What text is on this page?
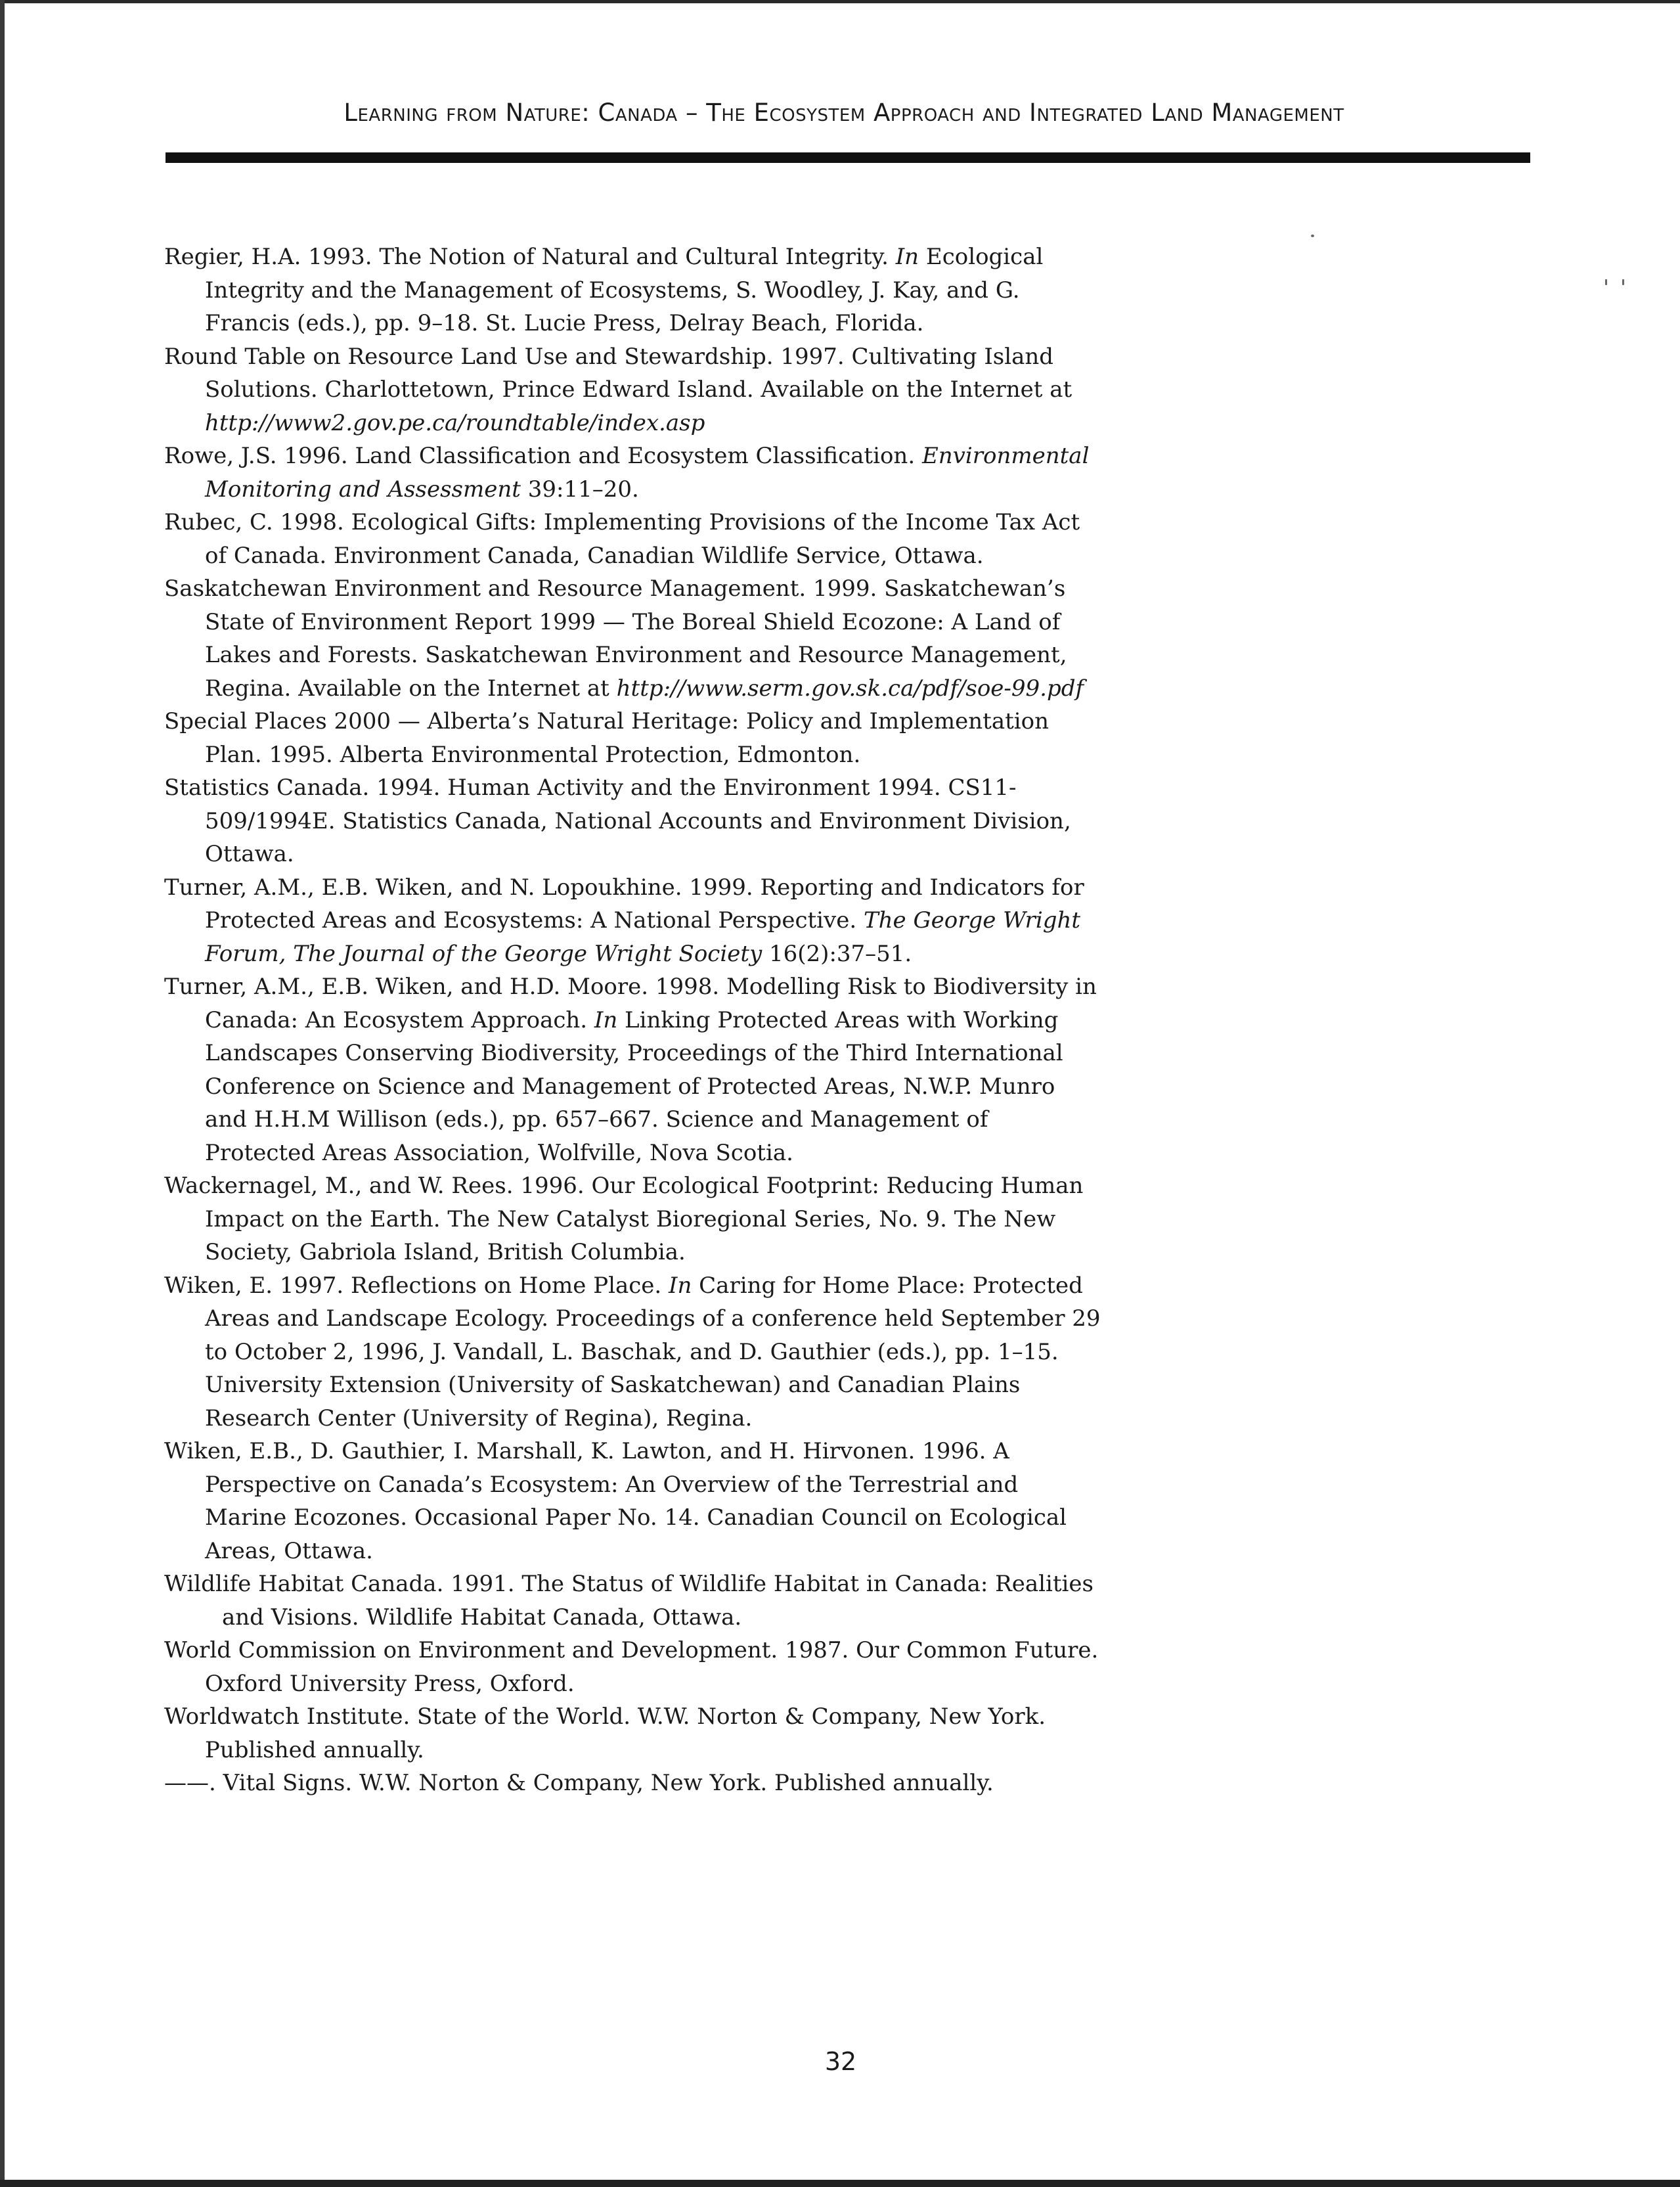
Learning from Nature: Canada – The Ecosystem Approach and Integrated Land Management

Regier, H.A. 1993. The Notion of Natural and Cultural Integrity. In Ecological Integrity and the Management of Ecosystems, S. Woodley, J. Kay, and G. Francis (eds.), pp. 9–18. St. Lucie Press, Delray Beach, Florida.

Round Table on Resource Land Use and Stewardship. 1997. Cultivating Island Solutions. Charlottetown, Prince Edward Island. Available on the Internet at http://www2.gov.pe.ca/roundtable/index.asp

Rowe, J.S. 1996. Land Classification and Ecosystem Classification. Environmental Monitoring and Assessment 39:11–20.

Rubec, C. 1998. Ecological Gifts: Implementing Provisions of the Income Tax Act of Canada. Environment Canada, Canadian Wildlife Service, Ottawa.

Saskatchewan Environment and Resource Management. 1999. Saskatchewan’s State of Environment Report 1999 — The Boreal Shield Ecozone: A Land of Lakes and Forests. Saskatchewan Environment and Resource Management, Regina. Available on the Internet at http://www.serm.gov.sk.ca/pdf/soe-99.pdf

Special Places 2000 — Alberta’s Natural Heritage: Policy and Implementation Plan. 1995. Alberta Environmental Protection, Edmonton.

Statistics Canada. 1994. Human Activity and the Environment 1994. CS11-509/1994E. Statistics Canada, National Accounts and Environment Division, Ottawa.

Turner, A.M., E.B. Wiken, and N. Lopoukhine. 1999. Reporting and Indicators for Protected Areas and Ecosystems: A National Perspective. The George Wright Forum, The Journal of the George Wright Society 16(2):37–51.

Turner, A.M., E.B. Wiken, and H.D. Moore. 1998. Modelling Risk to Biodiversity in Canada: An Ecosystem Approach. In Linking Protected Areas with Working Landscapes Conserving Biodiversity, Proceedings of the Third International Conference on Science and Management of Protected Areas, N.W.P. Munro and H.H.M Willison (eds.), pp. 657–667. Science and Management of Protected Areas Association, Wolfville, Nova Scotia.

Wackernagel, M., and W. Rees. 1996. Our Ecological Footprint: Reducing Human Impact on the Earth. The New Catalyst Bioregional Series, No. 9. The New Society, Gabriola Island, British Columbia.

Wiken, E. 1997. Reflections on Home Place. In Caring for Home Place: Protected Areas and Landscape Ecology. Proceedings of a conference held September 29 to October 2, 1996, J. Vandall, L. Baschak, and D. Gauthier (eds.), pp. 1–15. University Extension (University of Saskatchewan) and Canadian Plains Research Center (University of Regina), Regina.

Wiken, E.B., D. Gauthier, I. Marshall, K. Lawton, and H. Hirvonen. 1996. A Perspective on Canada’s Ecosystem: An Overview of the Terrestrial and Marine Ecozones. Occasional Paper No. 14. Canadian Council on Ecological Areas, Ottawa.

Wildlife Habitat Canada. 1991. The Status of Wildlife Habitat in Canada: Realities and Visions. Wildlife Habitat Canada, Ottawa.

World Commission on Environment and Development. 1987. Our Common Future. Oxford University Press, Oxford.

Worldwatch Institute. State of the World. W.W. Norton & Company, New York. Published annually.

——. Vital Signs. W.W. Norton & Company, New York. Published annually.

32
